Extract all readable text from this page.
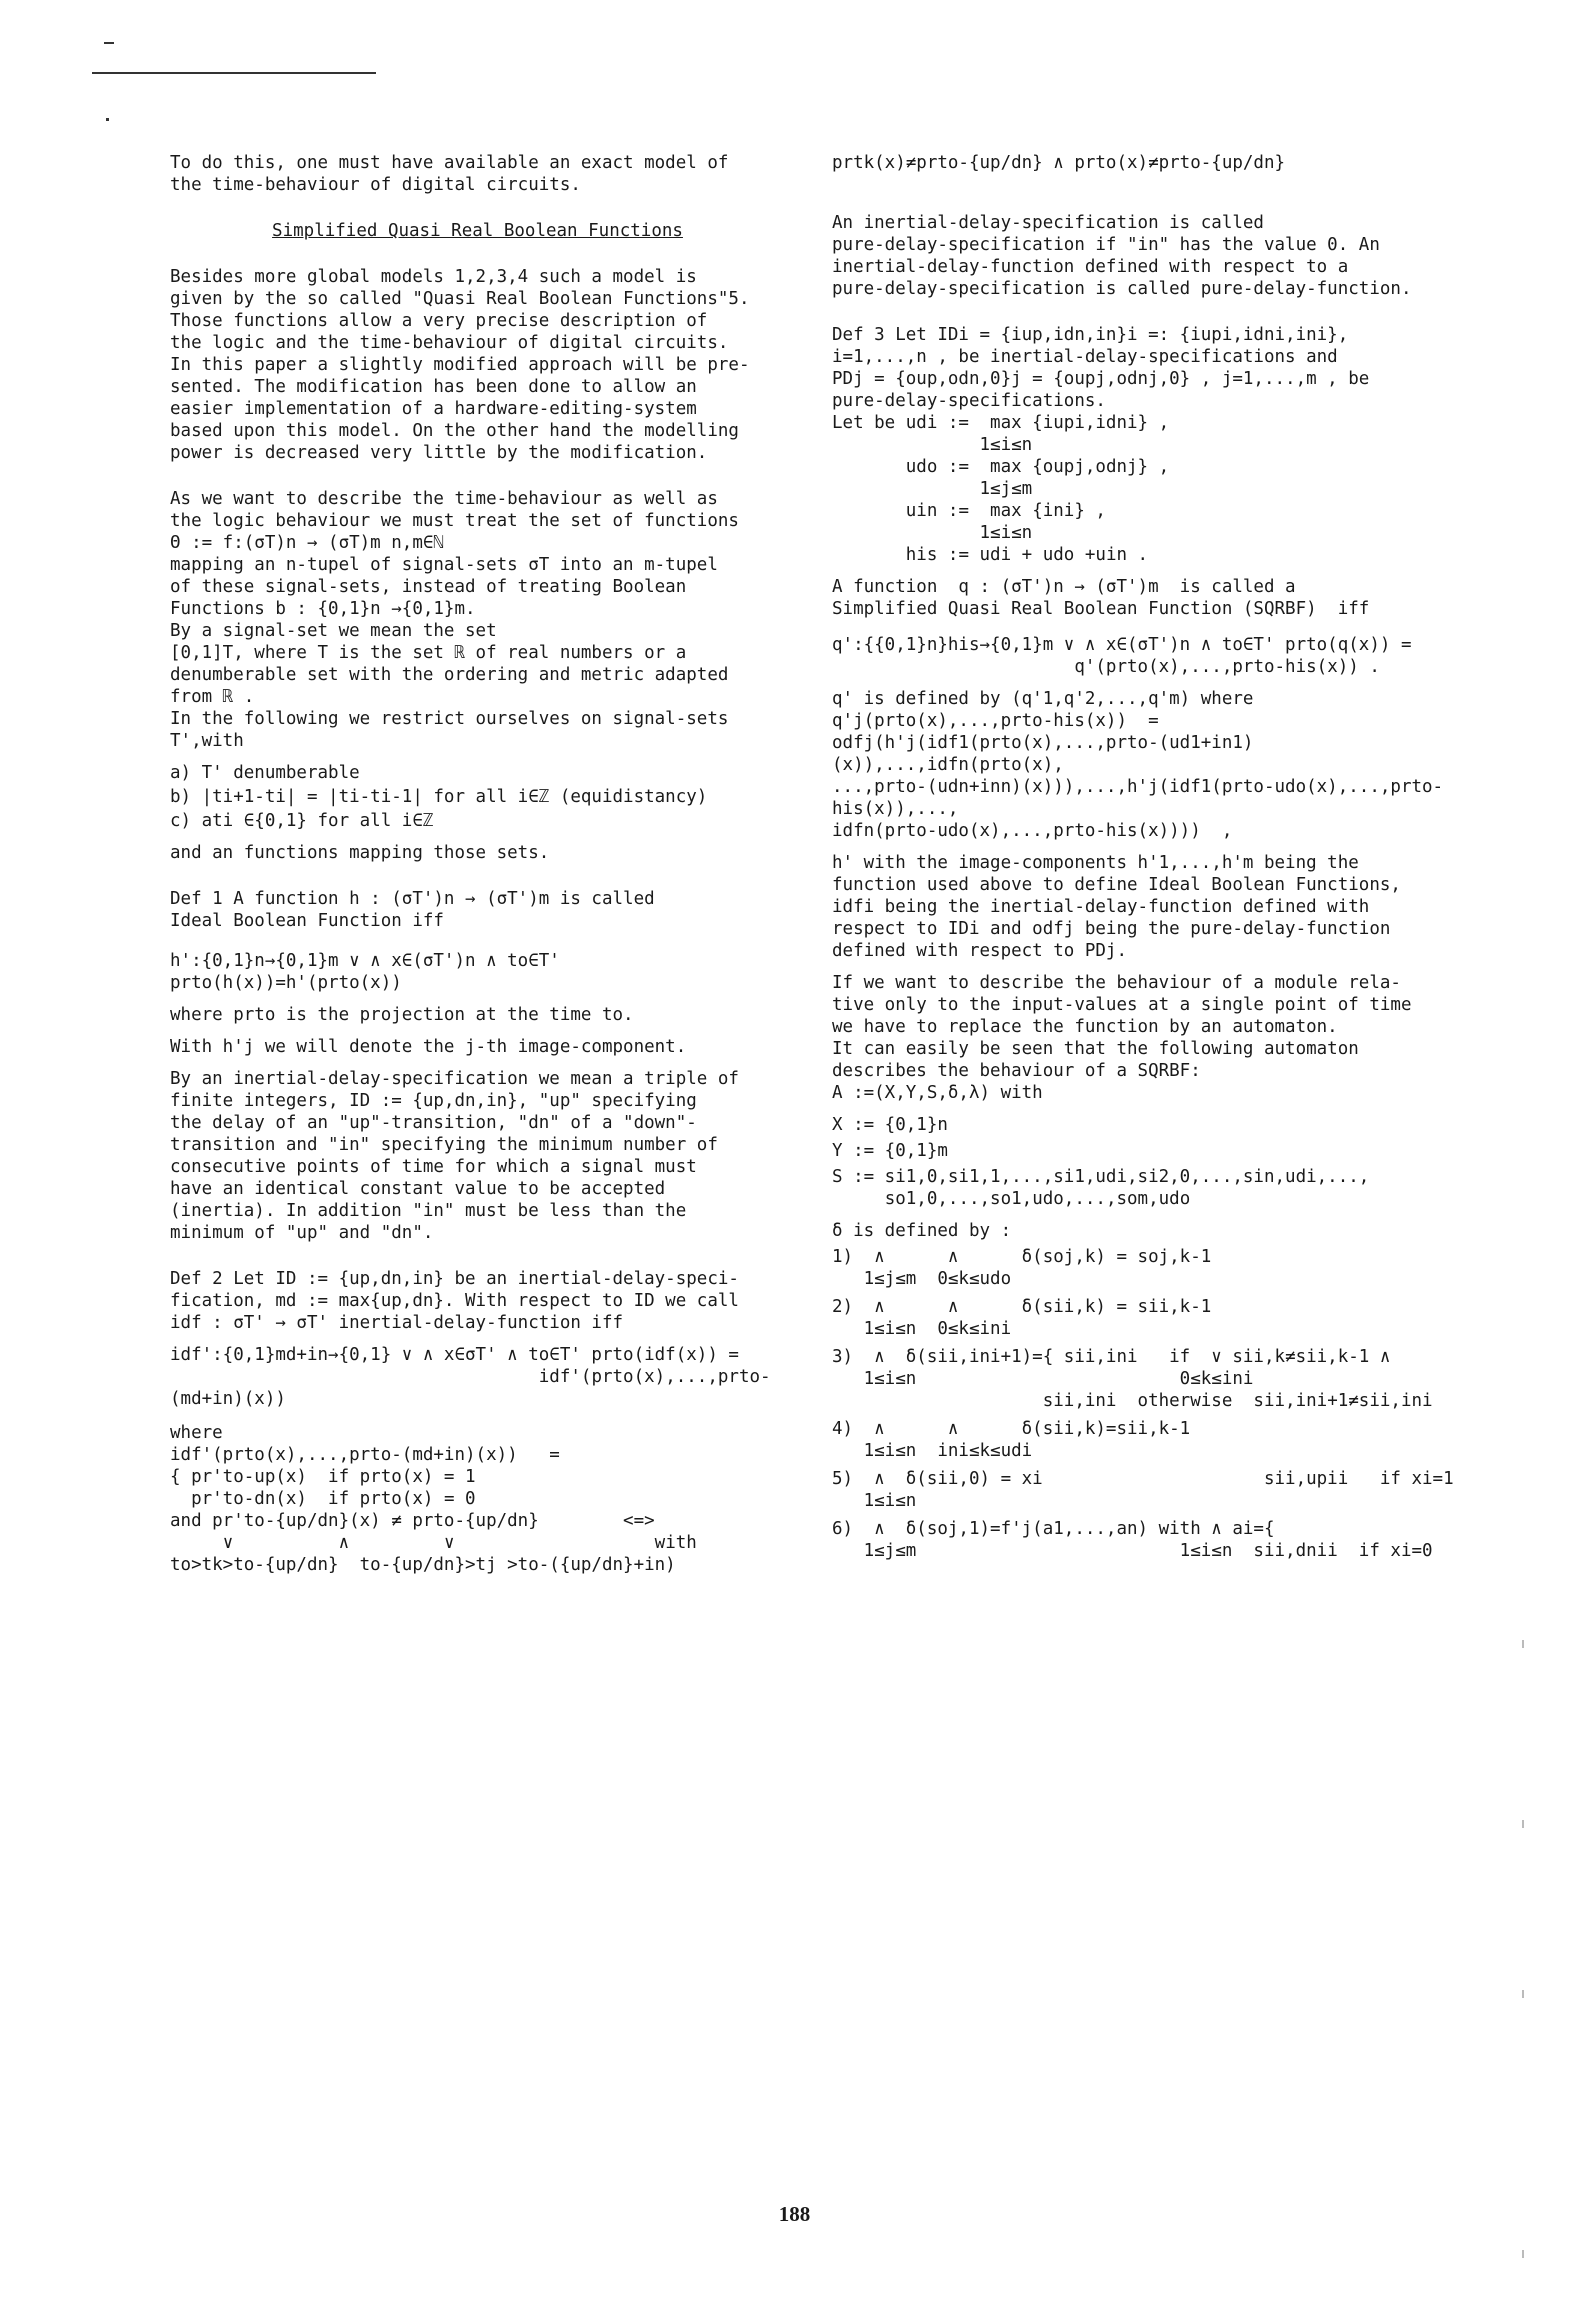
To do this, one must have available an exact model of
the time-behaviour of digital circuits.
Simplified Quasi Real Boolean Functions
Besides more global models 1,2,3,4 such a model is
given by the so called "Quasi Real Boolean Functions"5.
Those functions allow a very precise description of
the logic and the time-behaviour of digital circuits.
In this paper a slightly modified approach will be pre-
sented. The modification has been done to allow an
easier implementation of a hardware-editing-system
based upon this model. On the other hand the modelling
power is decreased very little by the modification.
As we want to describe the time-behaviour as well as
the logic behaviour we must treat the set of functions
Θ := f:(σT)n → (σT)m n,m∈ℕ
mapping an n-tupel of signal-sets σT into an m-tupel
of these signal-sets, instead of treating Boolean
Functions b : {0,1}n →{0,1}m.
By a signal-set we mean the set
[0,1]T, where T is the set ℝ of real numbers or a
denumberable set with the ordering and metric adapted
from ℝ .
In the following we restrict ourselves on signal-sets
T',with
a) T' denumberable
b) |ti+1-ti| = |ti-ti-1| for all i∈ℤ (equidistancy)
c) ati ∈{0,1} for all i∈ℤ
and an functions mapping those sets.
Def 1 A function h : (σT')n → (σT')m is called
Ideal Boolean Function iff
h':{0,1}n→{0,1}m ∨ ∧ x∈(σT')n ∧ to∈T' prto(h(x))=h'(prto(x))
where prto is the projection at the time to.
With h'j we will denote the j-th image-component.
By an inertial-delay-specification we mean a triple of
finite integers, ID := {up,dn,in}, "up" specifying
the delay of an "up"-transition, "dn" of a "down"-
transition and "in" specifying the minimum number of
consecutive points of time for which a signal must
have an identical constant value to be accepted
(inertia). In addition "in" must be less than the
minimum of "up" and "dn".
Def 2 Let ID := {up,dn,in} be an inertial-delay-speci-
fication, md := max{up,dn}. With respect to ID we call
idf : σT' → σT' inertial-delay-function iff
idf':{0,1}md+in→{0,1} ∨ ∧ x∈σT' ∧ to∈T' prto(idf(x)) =
idf'(prto(x),...,prto-(md+in)(x))
where
idf'(prto(x),...,prto-(md+in)(x))   =
{ pr'to-up(x)  if prto(x) = 1
pr'to-dn(x)  if prto(x) = 0
and pr'to-{up/dn}(x) ≠ prto-{up/dn}        <=>
∨          ∧         ∨                   with
to>tk>to-{up/dn}  to-{up/dn}>tj >to-({up/dn}+in)
prtk(x)≠prto-{up/dn} ∧ prto(x)≠prto-{up/dn}
An inertial-delay-specification is called
pure-delay-specification if "in" has the value 0. An
inertial-delay-function defined with respect to a
pure-delay-specification is called pure-delay-function.
Def 3 Let IDi = {iup,idn,in}i =: {iupi,idni,ini},
i=1,...,n , be inertial-delay-specifications and
PDj = {oup,odn,0}j = {oupj,odnj,0} , j=1,...,m , be
pure-delay-specifications.
Let be udi :=  max {iupi,idni} ,
1≤i≤n
udo :=  max {oupj,odnj} ,
1≤j≤m
uin :=  max {ini} ,
1≤i≤n
his := udi + udo +uin .
A function  q : (σT')n → (σT')m  is called a
Simplified Quasi Real Boolean Function (SQRBF)  iff
q':{{0,1}n}his→{0,1}m ∨ ∧ x∈(σT')n ∧ to∈T' prto(q(x)) =
q'(prto(x),...,prto-his(x)) .
q' is defined by (q'1,q'2,...,q'm) where
q'j(prto(x),...,prto-his(x))  =
odfj(h'j(idf1(prto(x),...,prto-(ud1+in1)(x)),...,idfn(prto(x),
...,prto-(udn+inn)(x))),...,h'j(idf1(prto-udo(x),...,prto-his(x)),...,
idfn(prto-udo(x),...,prto-his(x))))  ,
h' with the image-components h'1,...,h'm being the
function used above to define Ideal Boolean Functions,
idfi being the inertial-delay-function defined with
respect to IDi and odfj being the pure-delay-function
defined with respect to PDj.
If we want to describe the behaviour of a module rela-
tive only to the input-values at a single point of time
we have to replace the function by an automaton.
It can easily be seen that the following automaton
describes the behaviour of a SQRBF:
A :=(X,Y,S,δ,λ) with
X := {0,1}n
Y := {0,1}m
S := si1,0,si1,1,...,si1,udi,si2,0,...,sin,udi,...,
so1,0,...,so1,udo,...,som,udo
δ is defined by :
1)  ∧      ∧      δ(soj,k) = soj,k-1
1≤j≤m  0≤k≤udo
2)  ∧      ∧      δ(sii,k) = sii,k-1
1≤i≤n  0≤k≤ini
3)  ∧  δ(sii,ini+1)={ sii,ini   if  ∨ sii,k≠sii,k-1 ∧
1≤i≤n                         0≤k≤ini
sii,ini  otherwise  sii,ini+1≠sii,ini
4)  ∧      ∧      δ(sii,k)=sii,k-1
1≤i≤n  ini≤k≤udi
5)  ∧  δ(sii,0) = xi                     sii,upii   if xi=1
1≤i≤n
6)  ∧  δ(soj,1)=f'j(a1,...,an) with ∧ ai={
1≤j≤m                         1≤i≤n  sii,dnii  if xi=0
188
